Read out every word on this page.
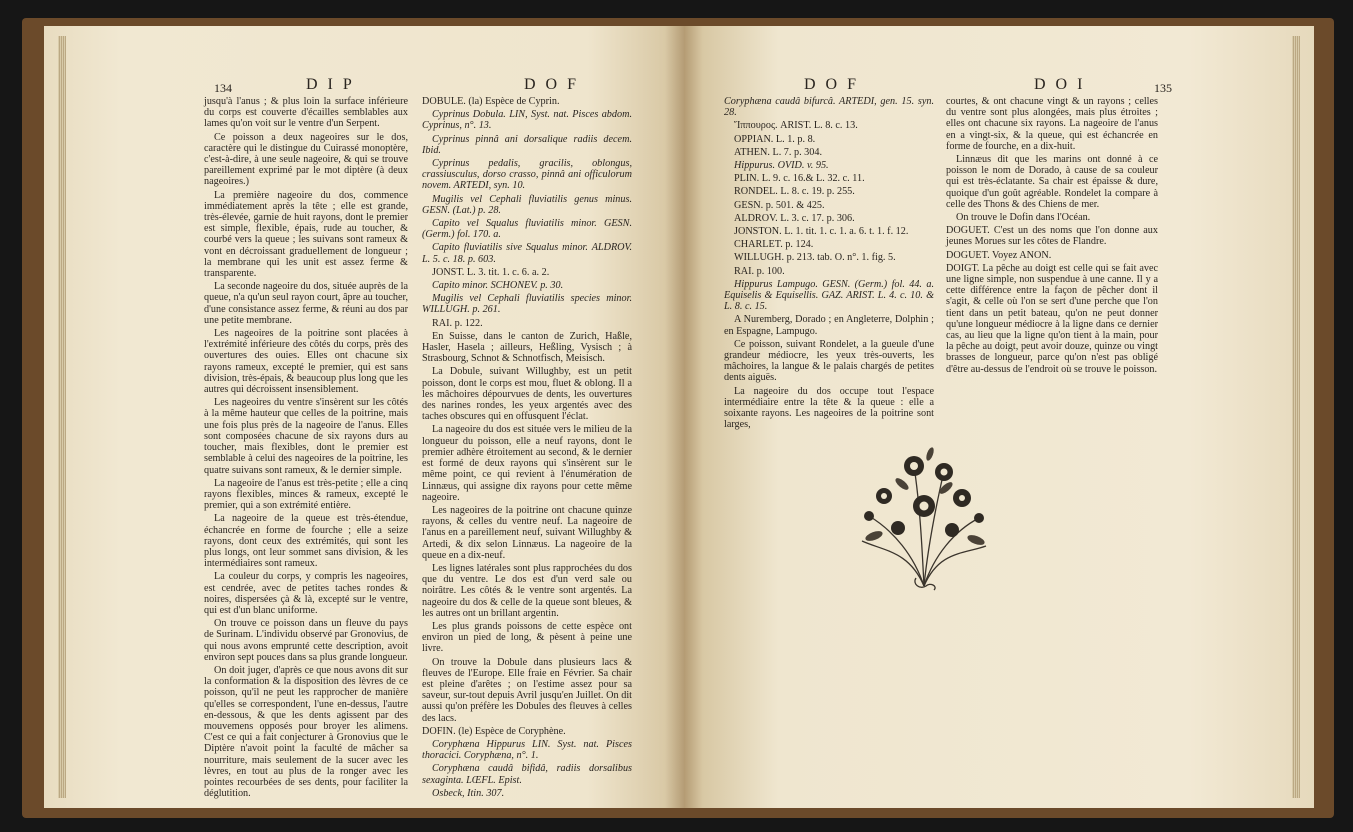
134	DIP	DOF

jusqu'à l'anus ; & plus loin la surface inférieure du corps est couverte d'écailles semblables aux lames qu'on voit sur le ventre d'un Serpent.

Ce poisson a deux nageoires sur le dos, caractère qui le distingue du Cuirassé monoptère, c'est-à-dire, à une seule nageoire, & qui se trouve pareillement exprimé par le mot diptère (à deux nageoires.)

La première nageoire du dos, commence immédiatement après la tête ; elle est grande, très-élevée, garnie de huit rayons, dont le premier est simple, flexible, épais, rude au toucher, & courbé vers la queue ; les suivans sont rameux & vont en décroissant graduellement de longueur ; la membrane qui les unit est assez ferme & transparente.

La seconde nageoire du dos, située auprès de la queue, n'a qu'un seul rayon court, âpre au toucher, d'une consistance assez ferme, & réuni au dos par une petite membrane.

Les nageoires de la poitrine sont placées à l'extrémité inférieure des côtés du corps, près des ouvertures des ouies. Elles ont chacune six rayons rameux, excepté le premier, qui est sans division, très-épais, & beaucoup plus long que les autres qui décroissent insensiblement.

Les nageoires du ventre s'insèrent sur les côtés à la même hauteur que celles de la poitrine, mais une fois plus près de la nageoire de l'anus. Elles sont composées chacune de six rayons durs au toucher, mais flexibles, dont le premier est semblable à celui des nageoires de la poitrine, les quatre suivans sont rameux, & le dernier simple.

La nageoire de l'anus est très-petite ; elle a cinq rayons flexibles, minces & rameux, excepté le premier, qui a son extrémité entière.

La nageoire de la queue est très-étendue, échancrée en forme de fourche ; elle a seize rayons, dont ceux des extrémités, qui sont les plus longs, ont leur sommet sans division, & les intermédiaires sont rameux.

La couleur du corps, y compris les nageoires, est cendrée, avec de petites taches rondes & noires, dispersées çà & là, excepté sur le ventre, qui est d'un blanc uniforme.

On trouve ce poisson dans un fleuve du pays de Surinam. L'individu observé par Gronovius, de qui nous avons emprunté cette description, avoit environ sept pouces dans sa plus grande longueur.

On doit juger, d'après ce que nous avons dit sur la conformation & la disposition des lèvres de ce poisson, qu'il ne peut les rapprocher de manière qu'elles se correspondent, l'une en-dessus, l'autre en-dessous, & que les dents agissent par des mouvemens opposés pour broyer les alimens. C'est ce qui a fait conjecturer à Gronovius que le Diptère n'avoit point la faculté de mâcher sa nourriture, mais seulement de la sucer avec les lèvres, en tout au plus de la ronger avec les pointes recourbées de ses dents, pour faciliter la déglutition.

DOBULE. (la) Espèce de Cyprin.

Cyprinus Dobula. LIN, Syst. nat. Pisces abdom. Cyprinus, n°. 13.

Cyprinus pinnâ ani dorsalique radiis decem. Ibid.

Cyprinus pedalis, gracilis, oblongus, crassiusculus, dorso crasso, pinnâ ani officulorum novem. ARTEDI, syn. 10.

Mugilis vel Cephali fluviatilis genus minus. GESN. (Lat.) p. 28.

Capito vel Squalus fluviatilis minor. GESN. (Germ.) fol. 170. a.

Capito fluviatilis sive Squalus minor. ALDROV. L. 5. c. 18. p. 603.

JONST. L. 3. tit. 1. c. 6. a. 2.

Capito minor. SCHONEV. p. 30.

Mugilis vel Cephali fluviatilis species minor. WILLUGH. p. 261.

RAI. p. 122.

En Suisse, dans le canton de Zurich, Haßle, Hasler, Hasela ; ailleurs, Heßling, Vysisch ; à Strasbourg, Schnot & Schnotfisch, Meisisch.

La Dobule, suivant Willughby, est un petit poisson, dont le corps est mou, fluet & oblong. Il a les mâchoires dépourvues de dents, les ouvertures des narines rondes, les yeux argentés avec des taches obscures qui en offusquent l'éclat.

La nageoire du dos est située vers le milieu de la longueur du poisson, elle a neuf rayons, dont le premier adhère étroitement au second, & le dernier est formé de deux rayons qui s'insèrent sur le même point, ce qui revient à l'énumération de Linnæus, qui assigne dix rayons pour cette même nageoire.

Les nageoires de la poitrine ont chacune quinze rayons, & celles du ventre neuf. La nageoire de l'anus en a pareillement neuf, suivant Willughby & Artedi, & dix selon Linnæus. La nageoire de la queue en a dix-neuf.

Les lignes latérales sont plus rapprochées du dos que du ventre. Le dos est d'un verd sale ou noirâtre. Les côtés & le ventre sont argentés. La nageoire du dos & celle de la queue sont bleues, & les autres ont un brillant argentin.

Les plus grands poissons de cette espèce ont environ un pied de long, & pèsent à peine une livre.

On trouve la Dobule dans plusieurs lacs & fleuves de l'Europe. Elle fraie en Février. Sa chair est pleine d'arêtes ; on l'estime assez pour sa saveur, sur-tout depuis Avril jusqu'en Juillet. On dit aussi qu'on préfère les Dobules des fleuves à celles des lacs.

DOFIN. (le) Espèce de Coryphène.

Coryphæna Hippurus LIN. Syst. nat. Pisces thoracici. Coryphæna, n°. 1.

Coryphæna caudâ bifidâ, radiis dorsalibus sexaginta. LŒFL. Epist.

Osbeck, Itin. 307.

DOF	DOI	135

Coryphæna caudâ bifurcâ. ARTEDI, gen. 15. syn. 28.

Ἵππουρος. ARIST. L. 8. c. 13.

OPPIAN. L. 1. p. 8.

ATHEN. L. 7. p. 304.

Hippurus. OVID. v. 95.

PLIN. L. 9. c. 16.& L. 32. c. 11.

RONDEL. L. 8. c. 19. p. 255.

GESN. p. 501. & 425.

ALDROV. L. 3. c. 17. p. 306.

JONSTON. L. 1. tit. 1. c. 1. a. 6. t. 1. f. 12.

CHARLET. p. 124.

WILLUGH. p. 213. tab. O. n°. 1. fig. 5.

RAI. p. 100.

Hippurus Lampugo. GESN. (Germ.) fol. 44. a. Equiselis & Equisellis. GAZ. ARIST. L. 4. c. 10. & L. 8. c. 15.

A Nuremberg, Dorado ; en Angleterre, Dolphin ; en Espagne, Lampugo.

Ce poisson, suivant Rondelet, a la gueule d'une grandeur médiocre, les yeux très-ouverts, les mâchoires, la langue & le palais chargés de petites dents aiguës.

La nageoire du dos occupe tout l'espace intermédiaire entre la tête & la queue : elle a soixante rayons. Les nageoires de la poitrine sont larges,

courtes, & ont chacune vingt & un rayons ; celles du ventre sont plus alongées, mais plus étroites ; elles ont chacune six rayons. La nageoire de l'anus en a vingt-six, & la queue, qui est échancrée en forme de fourche, en a dix-huit.

Linnæus dit que les marins ont donné à ce poisson le nom de Dorado, à cause de sa couleur qui est très-éclatante. Sa chair est épaisse & dure, quoique d'un goût agréable. Rondelet la compare à celle des Thons & des Chiens de mer.

On trouve le Dofin dans l'Océan.

DOGUET. C'est un des noms que l'on donne aux jeunes Morues sur les côtes de Flandre.

DOGUET. Voyez ANON.

DOIGT. La pêche au doigt est celle qui se fait avec une ligne simple, non suspendue à une canne. Il y a cette différence entre la façon de pêcher dont il s'agit, & celle où l'on se sert d'une perche que l'on tient dans un petit bateau, qu'on ne peut donner qu'une longueur médiocre à la ligne dans ce dernier cas, au lieu que la ligne qu'on tient à la main, pour la pêche au doigt, peut avoir douze, quinze ou vingt brasses de longueur, parce qu'on n'est pas obligé d'être au-dessus de l'endroit où se trouve le poisson.
